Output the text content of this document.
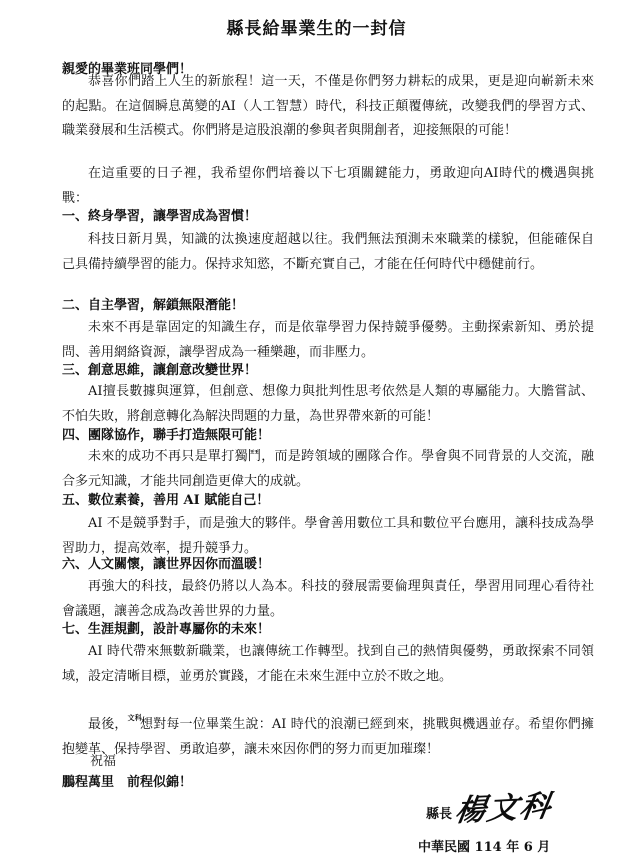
縣長給畢業生的一封信
親愛的畢業班同學們！
恭喜你們踏上人生的新旅程！這一天，不僅是你們努力耕耘的成果，更是迎向嶄新未來的起點。在這個瞬息萬變的AI（人工智慧）時代，科技正顛覆傳統，改變我們的學習方式、職業發展和生活模式。你們將是這股浪潮的參與者與開創者，迎接無限的可能！
在這重要的日子裡，我希望你們培養以下七項關鍵能力，勇敢迎向AI時代的機遇與挑戰：
一、終身學習，讓學習成為習慣！
科技日新月異，知識的汰換速度超越以往。我們無法預測未來職業的樣貌，但能確保自己具備持續學習的能力。保持求知慾，不斷充實自己，才能在任何時代中穩健前行。
二、自主學習，解鎖無限潛能！
未來不再是靠固定的知識生存，而是依靠學習力保持競爭優勢。主動探索新知、勇於提問、善用網絡資源，讓學習成為一種樂趣，而非壓力。
三、創意思維，讓創意改變世界！
AI擅長數據與運算，但創意、想像力與批判性思考依然是人類的專屬能力。大膽嘗試、不怕失敗，將創意轉化為解決問題的力量，為世界帶來新的可能！
四、團隊協作，聯手打造無限可能！
未來的成功不再只是單打獨鬥，而是跨領域的團隊合作。學會與不同背景的人交流，融合多元知識，才能共同創造更偉大的成就。
五、數位素養，善用 AI 賦能自己！
AI 不是競爭對手，而是強大的夥伴。學會善用數位工具和數位平台應用，讓科技成為學習助力，提高效率，提升競爭力。
六、人文關懷，讓世界因你而溫暖！
再強大的科技，最終仍將以人為本。科技的發展需要倫理與責任，學習用同理心看待社會議題，讓善念成為改善世界的力量。
七、生涯規劃，設計專屬你的未來！
AI 時代帶來無數新職業，也讓傳統工作轉型。找到自己的熱情與優勢，勇敢探索不同領域，設定清晰目標，並勇於實踐，才能在未來生涯中立於不敗之地。
最後，$^{文科}$想對每一位畢業生說：AI 時代的浪潮已經到來，挑戰與機遇並存。希望你們擁抱變革、保持學習、勇敢追夢，讓未來因你們的努力而更加璀璨！
祝福
鵬程萬里　前程似錦！
縣長 楊文科
中華民國 114 年 6 月
